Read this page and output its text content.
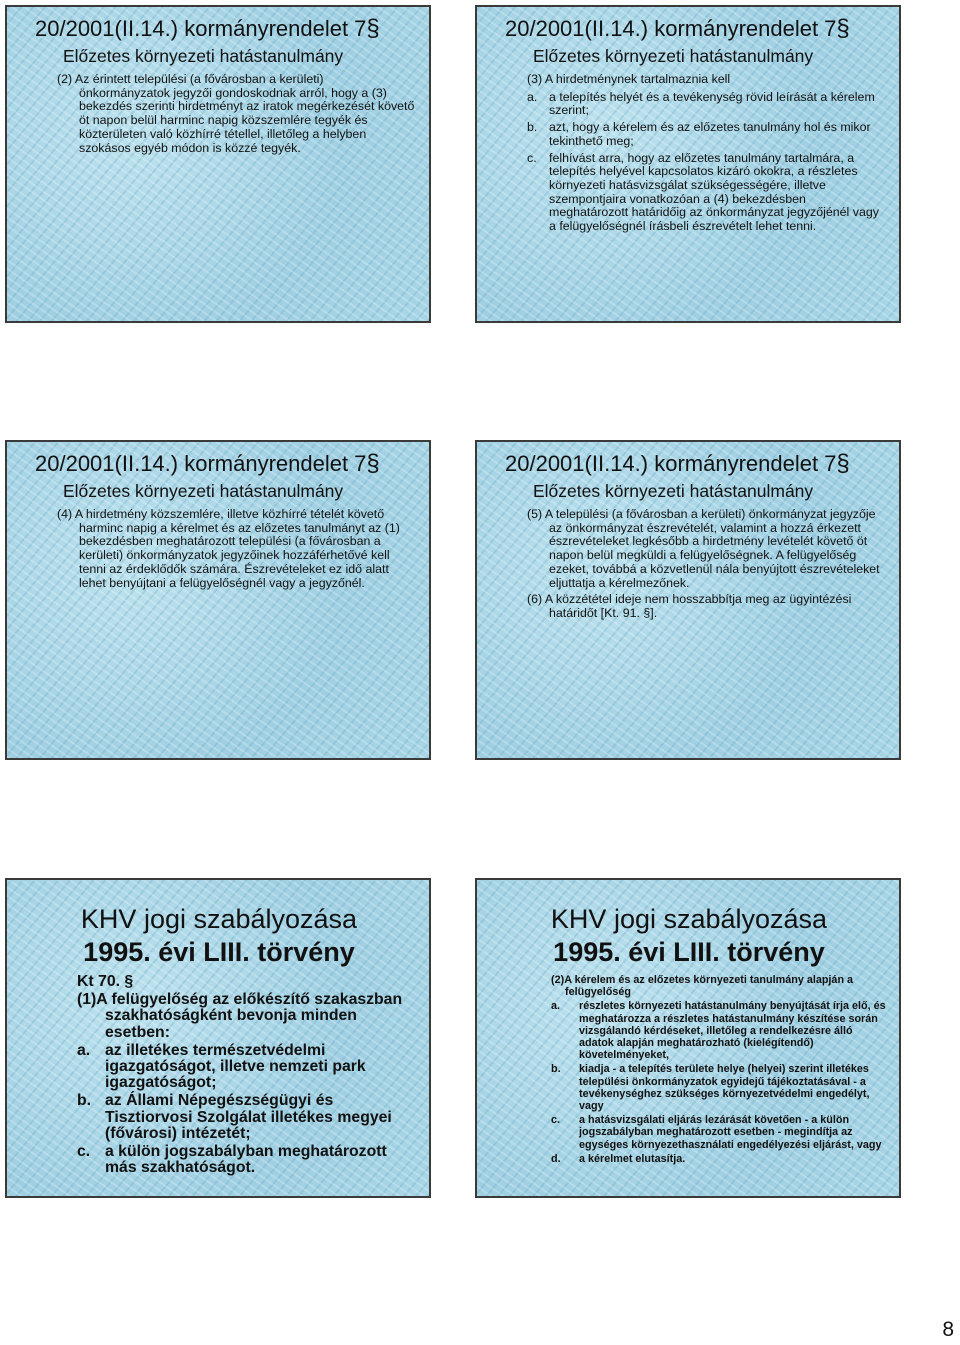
20/2001(II.14.) kormányrendelet 7§
Előzetes környezeti hatástanulmány
(2) Az érintett települési (a fővárosban a kerületi) önkormányzatok jegyzői gondoskodnak arról, hogy a (3) bekezdés szerinti hirdetményt az iratok megérkezését követő öt napon belül harminc napig közszemlére tegyék és közterületen való közhírré tétellel, illetőleg a helyben szokásos egyéb módon is közzé tegyék.
20/2001(II.14.) kormányrendelet 7§
Előzetes környezeti hatástanulmány
(3) A hirdetménynek tartalmaznia kell
a. a telepítés helyét és a tevékenység rövid leírását a kérelem szerint;
b. azt, hogy a kérelem és az előzetes tanulmány hol és mikor tekinthető meg;
c. felhívást arra, hogy az előzetes tanulmány tartalmára, a telepítés helyével kapcsolatos kizáró okokra, a részletes környezeti hatásvizsgálat szükségességére, illetve szempontjaira vonatkozóan a (4) bekezdésben meghatározott határidőig az önkormányzat jegyzőjénél vagy a felügyelőségnél írásbeli észrevételt lehet tenni.
20/2001(II.14.) kormányrendelet 7§
Előzetes környezeti hatástanulmány
(4) A hirdetmény közszemlére, illetve közhírré tételét követő harminc napig a kérelmet és az előzetes tanulmányt az (1) bekezdésben meghatározott települési (a fővárosban a kerületi) önkormányzatok jegyzőinek hozzáférhetővé kell tenni az érdeklődők számára. Észrevételeket ez idő alatt lehet benyújtani a felügyelőségnél vagy a jegyzőnél.
20/2001(II.14.) kormányrendelet 7§
Előzetes környezeti hatástanulmány
(5) A települési (a fővárosban a kerületi) önkormányzat jegyzője az önkormányzat észrevételét, valamint a hozzá érkezett észrevételeket legkésőbb a hirdetmény levételét követő öt napon belül megküldi a felügyelőségnek. A felügyelőség ezeket, továbbá a közvetlenül nála benyújtott észrevételeket eljuttatja a kérelmezőnek.
(6) A közzététel ideje nem hosszabbítja meg az ügyintézési határidőt [Kt. 91. §].
KHV jogi szabályozása
1995. évi LIII. törvény
Kt 70. §
(1)A felügyelőség az előkészítő szakaszban szakhatóságként bevonja minden esetben:
a. az illetékes természetvédelmi igazgatóságot, illetve nemzeti park igazgatóságot;
b. az Állami Népegészségügyi és Tisztiorvosi Szolgálat illetékes megyei (fővárosi) intézetét;
c. a külön jogszabályban meghatározott más szakhatóságot.
KHV jogi szabályozása
1995. évi LIII. törvény
(2)A kérelem és az előzetes környezeti tanulmány alapján a felügyelőség
a.	részletes környezeti hatástanulmány benyújtását írja elő, és meghatározza a részletes hatástanulmány készítése során vizsgálandó kérdéseket, illetőleg a rendelkezésre álló adatok alapján meghatározható (kielégítendő) követelményeket,
b.	kiadja - a telepítés területe helye (helyei) szerint illetékes települési önkormányzatok egyidejű tájékoztatásával - a tevékenységhez szükséges környezetvédelmi engedélyt, vagy
c.	a hatásvizsgálati eljárás lezárását követően - a külön jogszabályban meghatározott esetben - megindítja az egységes környezethasználati engedélyezési eljárást, vagy
d.	a kérelmet elutasítja.
8
